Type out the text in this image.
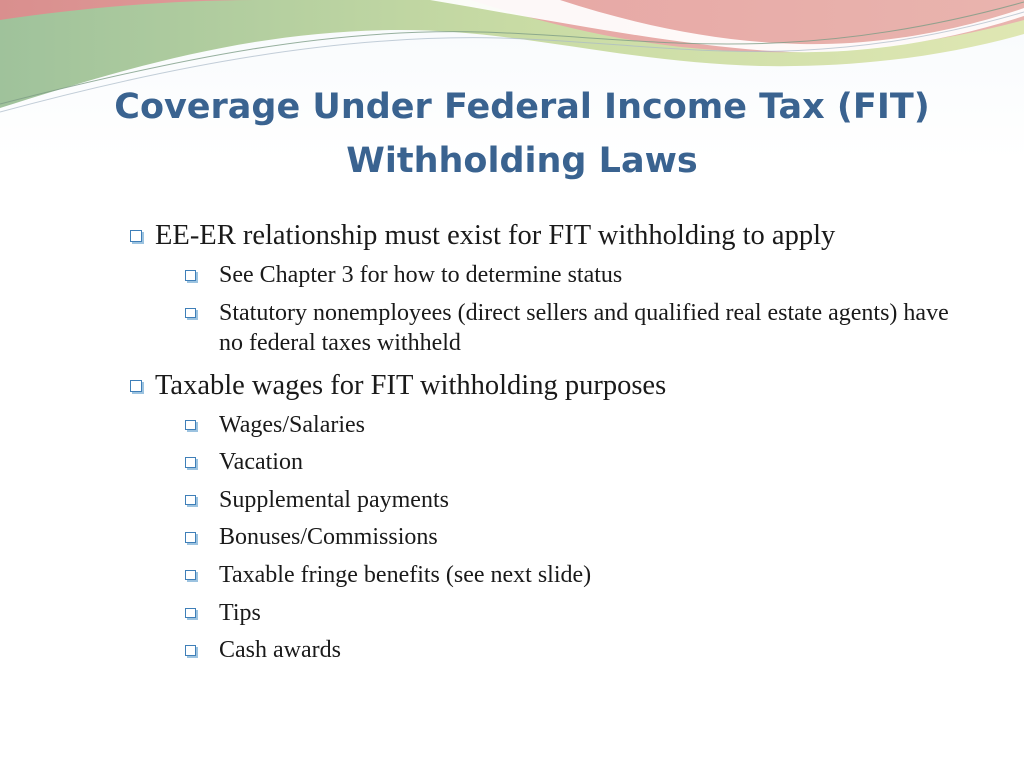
Coverage Under Federal Income Tax (FIT)
Withholding Laws
EE-ER relationship must exist for FIT withholding to apply
See Chapter 3 for how to determine status
Statutory nonemployees (direct sellers and qualified real estate agents) have no federal taxes withheld
Taxable wages for FIT withholding purposes
Wages/Salaries
Vacation
Supplemental payments
Bonuses/Commissions
Taxable fringe benefits (see next slide)
Tips
Cash awards
